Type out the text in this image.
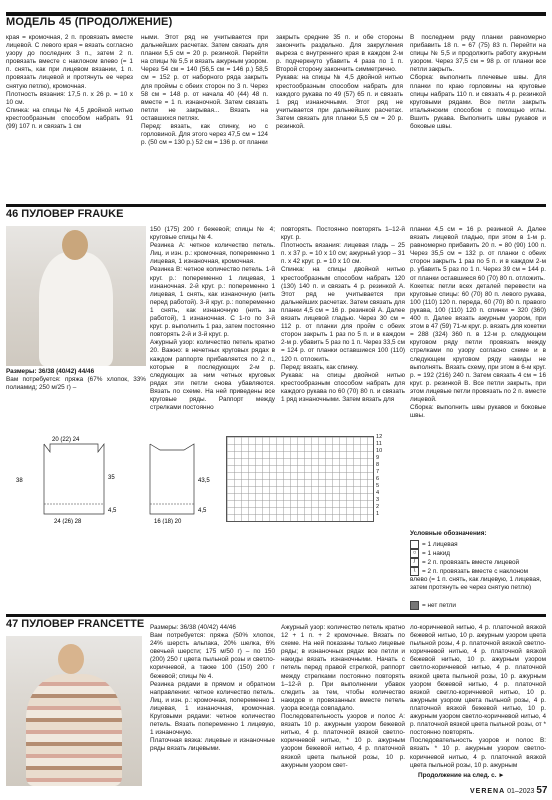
МОДЕЛЬ 45 (ПРОДОЛЖЕНИЕ)

края = кромочная, 2 п. провязать вместе лицевой. С левого края = вязать согласно узору до последних 3 п., затем 2 п. провязать вместе с наклоном влево (= 1 п. снять, как при лицевом вязании, 1 п. провязать лицевой и протянуть ее через снятую петлю), кромочная.
Плотность вязания: 17,5 п. х 26 р. = 10 х 10 см.
Спинка: на спицы № 4,5 двойной нитью крестообразным способом набрать 91 (99) 107 п. и связать 1 см

ными. Этот ряд не учитывается при дальнейших расчетах. Затем связать для планки 5,5 см = 20 р. резинкой. Перейти на спицы № 5,5 и вязать ажурным узором. Через 54 см = 140 (56,5 см = 146 р.) 58,5 см = 152 р. от наборного ряда закрыть для проймы с обеих сторон по 3 п. Через 58 см = 148 р. от начала 40 (44) 48 п. вместе = 1 п. изнаночной. Затем связать петли не закрывая... Вязать на оставшихся петлях.
Перед: вязать, как спинку, но с горловиной. Для этого через 47,5 см = 124 р. (50 см = 130 р.) 52 см = 136 р. от планки

закрыть средние 35 п. и обе стороны закончить раздельно. Для закругления выреза с внутреннего края в каждом 2-м р. подчеркнуто убавить 4 раза по 1 п. Второй сторону закончить симметрично.
Рукава: на спицы № 4,5 двойной нитью крестообразным способом набрать для каждого рукава по 49 (57) 65 п. и связать 1 ряд изнаночными. Этот ряд не учитывается при дальнейших расчетах. Затем связать для планки 5,5 см = 20 р. резинкой.

В последнем ряду планки равномерно прибавить 18 п. = 67 (75) 83 п. Перейти на спицы № 5,5 и продолжить работу ажурным узором. Через 37,5 см = 98 р. от планки все петли закрыть.
Сборка: выполнить плечевые швы. Для планки по краю горловины на круговые спицы набрать 110 п. и связать 4 р. резинкой круговыми рядами. Все петли закрыть итальянским способом с помощью иглы. Вшить рукава. Выполнить швы рукавов и боковые швы.

46 ПУЛОВЕР FRAUKE

Размеры: 36/38 (40/42) 44/46

Вам потребуется: пряжа (67% хлопок, 33% полиамид; 250 м/25 г) –

150 (175) 200 г бежевой; спицы № 4; круговые спицы № 4.
Резинка А: четное количество петель. Лиц. и изн. р.: кромочная, попеременно 1 лицевая, 1 изнаночная, кромочная.
Резинка В: четное количество петель. 1-й круг. р.: попеременно 1 лицевая, 1 изнаночная. 2-й круг. р.: попеременно 1 лицевая, 1 снять, как изнаночную (нить перед работой). 3-й круг. р.: попеременно 1 снять, как изнаночную (нить за работой), 1 изнаночная. С 1-го по 3-й круг. р. выполнить 1 раз, затем постоянно повторять 2-й и 3-й круг. р.
Ажурный узор: количество петель кратно 20. Важно: в нечетных круговых рядах в каждом раппорте прибавляется по 2 п., которые в последующих 2-м р. следующих за ним четных круговых рядах эти петли снова убавляются. Вязать по схеме. На ней приведены все круговые ряды. Раппорт между стрелками постоянно

повторять. Постоянно повторять 1–12-й круг. р.
Плотность вязания: лицевая гладь – 25 п. х 37 р. = 10 х 10 см; ажурный узор – 31 п. х 42 круг. р. = 10 х 10 см.
Спинка: на спицы двойной нитью крестообразным способом набрать 120 (130) 140 п. и связать 4 р. резинкой А. Этот ряд не учитывается при дальнейших расчетах. Затем связать для планки 4,5 см = 16 р. резинкой А. Далее вязать лицевой гладью. Через 30 см = 112 р. от планки для пройм с обеих сторон закрыть 1 раз по 5 п. и в каждом 2-м р. убавить 5 раз по 1 п. Через 33,5 см = 124 р. от планки оставшиеся 100 (110) 120 п. отложить.
Перед: вязать, как спинку.
Рукава: на спицы двойной нитью крестообразным способом набрать для каждого рукава по 60 (70) 80 п. и связать 1 ряд изнаночными. Затем вязать для

планки 4,5 см = 16 р. резинкой А. Далее вязать лицевой гладью, при этом в 1-м р. равномерно прибавить 20 п. = 80 (90) 100 п. Через 35,5 см = 132 р. от планки с обеих сторон закрыть 1 раз по 5 п. и в каждом 2-м р. убавить 5 раз по 1 п. Через 39 см = 144 р. от планки оставшиеся 60 (70) 80 п. отложить.
Кокетка: петли всех деталей перевести на круговые спицы: 60 (70) 80 п. левого рукава, 100 (110) 120 п. переда, 60 (70) 80 п. правого рукава, 100 (110) 120 п. спинки = 320 (360) 400 п. Далее вязать ажурным узором, при этом в 47 (59) 71-м круг. р. вязать для кокетки = 288 (324) 360 п. в 12-м р. следующем круговом ряду петли провязать между стрелками по узору согласно схеме и в следующем круговом ряду накиды не выполнять. Вязать схему, при этом в 6-м круг. р. = 192 (216) 240 п. Затем связать 4 см = 16 круг. р. резинкой В. Все петли закрыть, при этом лицевые петли провязать по 2 п. вместе лицевой.
Сборка: выполнить швы рукавов и боковые швы.

20 (22) 24
38
4,5
35
24 (26) 28
43,5
4,5
16 (18) 20
12
11
10
9
8
7
6
5
4
3
2
1
Условные обозначения:
= 1 лицевая
○ = 1 накид
/ = 2 п. провязать вместе лицевой
\ = 2 п. провязать вместе с наклоном влево (= 1 п. снять, как лицевую, 1 лицевая, затем протянуть ее через снятую петлю)
= нет петли
47 ПУЛОВЕР FRANCETTE Размеры: 36/38 (40/42) 44/46
Вам потребуется: пряжа (50% хлопок, 24% шерсть альпака, 20% шелка, 6% овечьей шерсти; 175 м/50 г) – по 150 (200) 250 г цвета пыльной розы и светло-коричневой, а также 100 (150) 200 г бежевой; спицы № 4.
Резинка рядами в прямом и обратном направлении: четное количество петель. Лиц. и изн. р.: кромочная, попеременно 1 лицевая, 1 изнаночная, кромочная. Круговыми рядами: четное количество петель. Вязать попеременно 1 лицевую, 1 изнаночную.
Платочная вязка: лицевые и изнаночные ряды вязать лицевыми.

Ажурный узор: количество петель кратно 12 + 1 п. + 2 кромочные. Вязать по схеме. На ней показаны только лицевые ряды; в изнаночных рядах все петли и накиды вязать изнаночными. Начать с петель перед правой стрелкой, раппорт между стрелками постоянно повторять 1–12-й р. При выполнении убавок следить за тем, чтобы количество накидов и провязанных вместе петель узора всегда совпадало.
Последовательность узоров и полос А: вязать 10 р. ажурным узором бежевой нитью, 4 р. платочной вязкой светло-коричневой нитью, * 10 р. ажурным узором бежевой нитью, 4 р. платочной вязкой цвета пыльной розы, 10 р. ажурным узором свет-

ло-коричневой нитью, 4 р. платочной вязкой бежевой нитью, 10 р. ажурным узором цвета пыльной розы, 4 р. платочной вязкой светло-коричневой нитью, 4 р. платочной вязкой бежевой нитью, 10 р. ажурным узором светло-коричневой нитью, 4 р. платочной вязкой цвета пыльной розы, 10 р. ажурным узором бежевой нитью, 4 р. платочной вязкой светло-коричневой нитью, 10 р. ажурным узором цвета пыльной розы, 4 р. платочной вязкой бежевой нитью, 10 р. ажурным узором светло-коричневой нитью, 4 р. платочной вязкой цвета пыльной розы, от * постоянно повторять.
Последовательность узоров и полос В: вязать * 10 р. ажурным узором светло-коричневой нитью, 4 р. платочной вязкой цвета пыльной розы, 10 р. ажурным

Продолжение на след. с. ►
VERENA 01–2023 57
